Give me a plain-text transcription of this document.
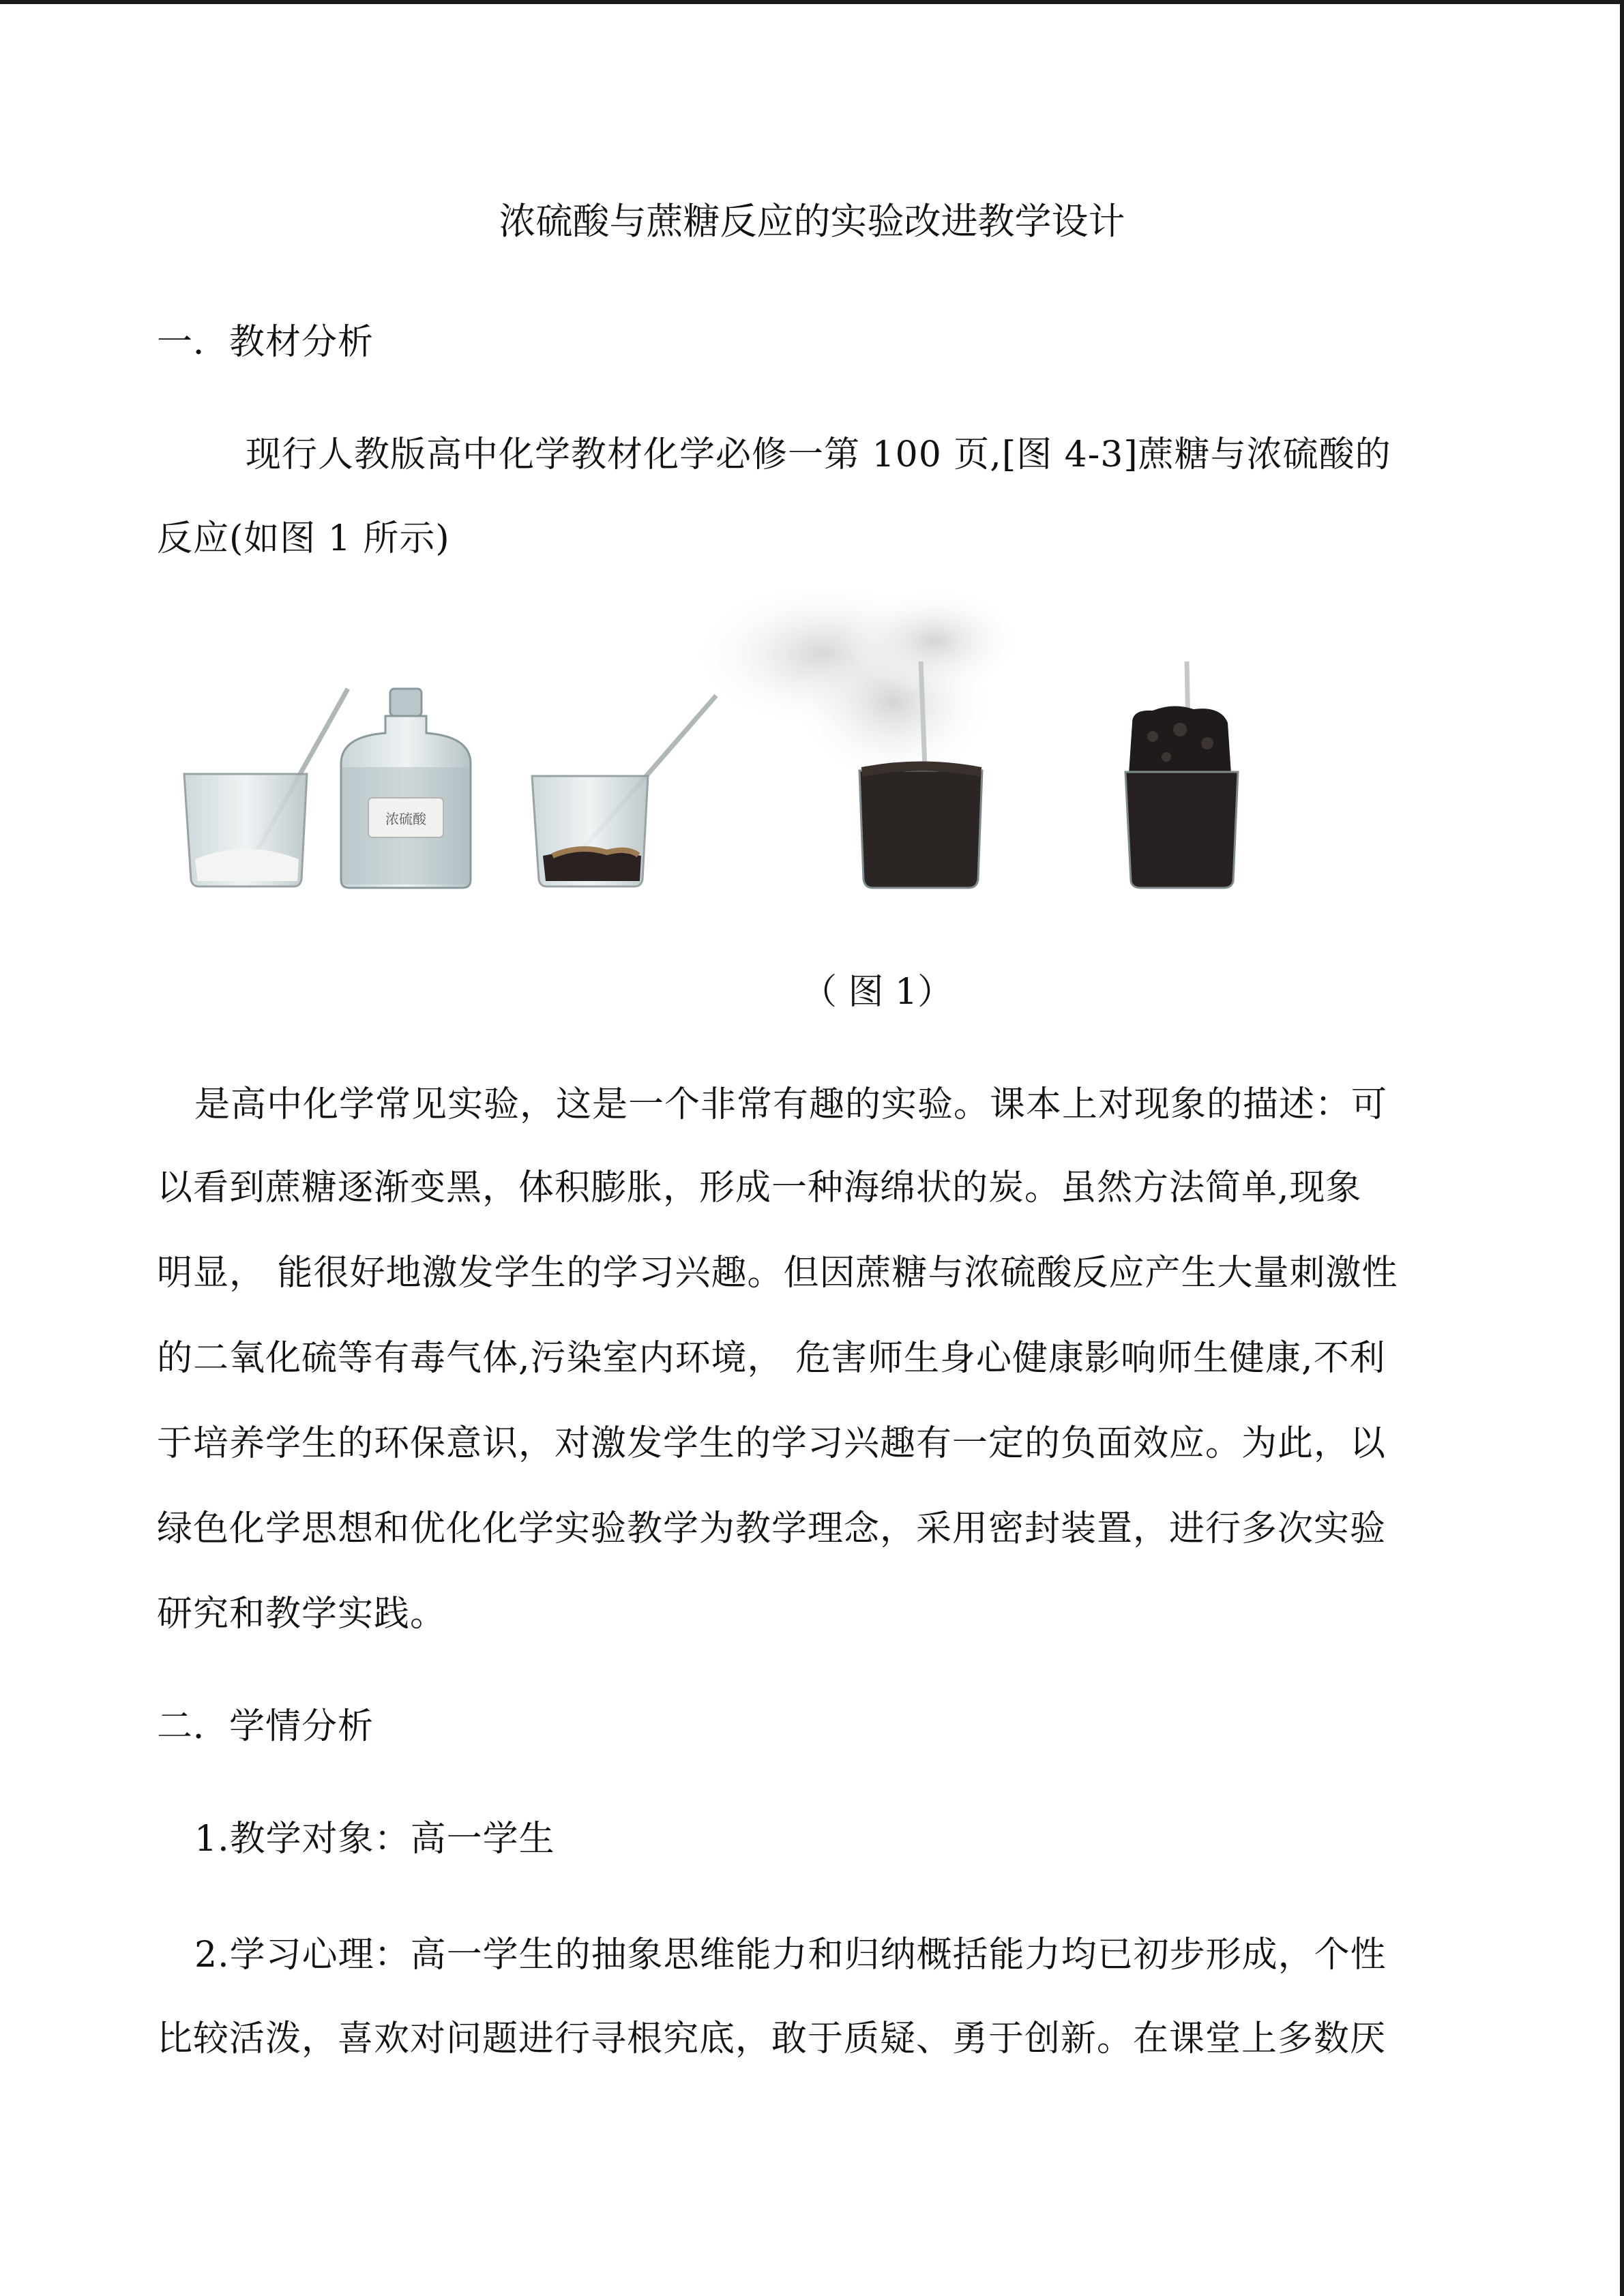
浓硫酸与蔗糖反应的实验改进教学设计
一．教材分析
现行人教版高中化学教材化学必修一第 100 页,[图 4-3]蔗糖与浓硫酸的
反应(如图 1 所示)
浓硫酸
（ 图 1）
是高中化学常见实验，这是一个非常有趣的实验。课本上对现象的描述：可
以看到蔗糖逐渐变黑，体积膨胀，形成一种海绵状的炭。虽然方法简单,现象
明显， 能很好地激发学生的学习兴趣。但因蔗糖与浓硫酸反应产生大量刺激性
的二氧化硫等有毒气体,污染室内环境， 危害师生身心健康影响师生健康,不利
于培养学生的环保意识，对激发学生的学习兴趣有一定的负面效应。为此，以
绿色化学思想和优化化学实验教学为教学理念，采用密封装置，进行多次实验
研究和教学实践。
二．学情分析
1.教学对象：高一学生
2.学习心理：高一学生的抽象思维能力和归纳概括能力均已初步形成，个性
比较活泼，喜欢对问题进行寻根究底，敢于质疑、勇于创新。在课堂上多数厌
